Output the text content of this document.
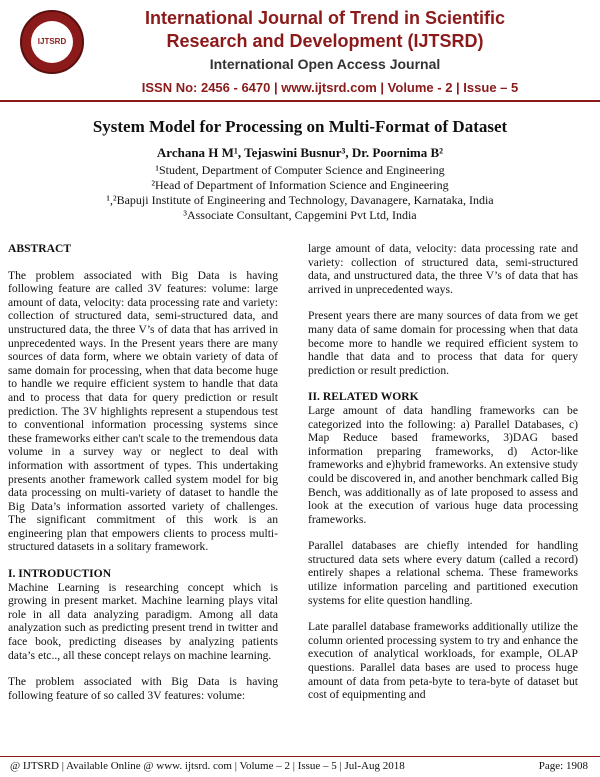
IJTSRD
International Journal of Trend in Scientific
Research and Development (IJTSRD)
International Open Access Journal
ISSN No: 2456 - 6470 | www.ijtsrd.com | Volume - 2 | Issue – 5
System Model for Processing on Multi-Format of Dataset
Archana H M¹, Tejaswini Busnur³, Dr. Poornima B²
¹Student, Department of Computer Science and Engineering
²Head of Department of Information Science and Engineering
¹,²Bapuji Institute of Engineering and Technology, Davanagere, Karnataka, India
³Associate Consultant, Capgemini Pvt Ltd, India

ABSTRACT

The problem associated with Big Data is having following feature are called 3V features: volume: large amount of data, velocity: data processing rate and variety: collection of structured data, semi-structured data, and unstructured data, the three V’s of data that has arrived in unprecedented ways. In the Present years there are many sources of data form, where we obtain variety of data of same domain for processing, when that data become huge to handle we require efficient system to handle that data and to process that data for query prediction or result prediction. The 3V highlights represent a stupendous test to conventional information processing systems since these frameworks either can't scale to the tremendous data volume in a survey way or neglect to deal with information with assortment of types. This undertaking presents another framework called system model for big data processing on multi-variety of dataset to handle the Big Data’s information assorted variety of challenges. The significant commitment of this work is an engineering plan that empowers clients to process multi-structured datasets in a solitary framework.

I. INTRODUCTION

Machine Learning is researching concept which is growing in present market. Machine learning plays vital role in all data analyzing paradigm. Among all data analyzation such as predicting present trend in twitter and face book, predicting diseases by analyzing patients data’s etc.., all these concept relays on machine learning.

The problem associated with Big Data is having following feature of so called 3V features: volume:

large amount of data, velocity: data processing rate and variety: collection of structured data, semi-structured data, and unstructured data, the three V’s of data that has arrived in unprecedented ways.

Present years there are many sources of data from we get many data of same domain for processing when that data become more to handle we required efficient system to handle that data and to process that data for query prediction or result prediction.

II. RELATED WORK

Large amount of data handling frameworks can be categorized into the following: a) Parallel Databases, c) Map Reduce based frameworks, 3)DAG based information preparing frameworks, d) Actor-like frameworks and e)hybrid frameworks. An extensive study could be discovered in, and another benchmark called Big Bench, was additionally as of late proposed to assess and look at the execution of various huge data processing frameworks.

Parallel databases are chiefly intended for handling structured data sets where every datum (called a record) entirely shapes a relational schema. These frameworks utilize information parceling and partitioned execution systems for elite question handling.

Late parallel database frameworks additionally utilize the column oriented processing system to try and enhance the execution of analytical workloads, for example, OLAP questions. Parallel data bases are used to process huge amount of data from peta-byte to tera-byte of dataset but cost of equipmenting and

@ IJTSRD | Available Online @ www. ijtsrd. com | Volume – 2 | Issue – 5 | Jul-Aug 2018	Page: 1908
